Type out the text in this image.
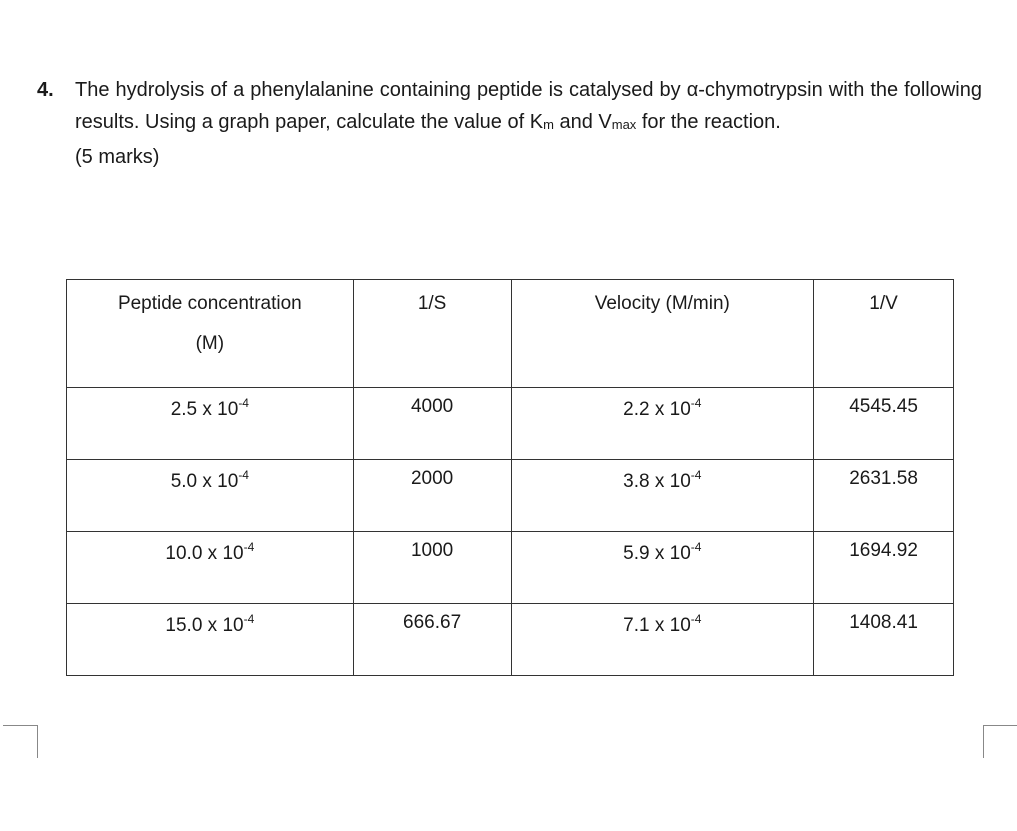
4. The hydrolysis of a phenylalanine containing peptide is catalysed by α-chymotrypsin with the following results. Using a graph paper, calculate the value of $K_m$ and $V_{max}$ for the reaction.
(5 marks)
Peptide concentration
(M)	1/S	Velocity (M/min)	1/V
2.5 x $10^{-4}$	4000	2.2 x $10^{-4}$	4545.45
5.0 x $10^{-4}$	2000	3.8 x $10^{-4}$	2631.58
10.0 x $10^{-4}$	1000	5.9 x $10^{-4}$	1694.92
15.0 x $10^{-4}$	666.67	7.1 x $10^{-4}$	1408.41
